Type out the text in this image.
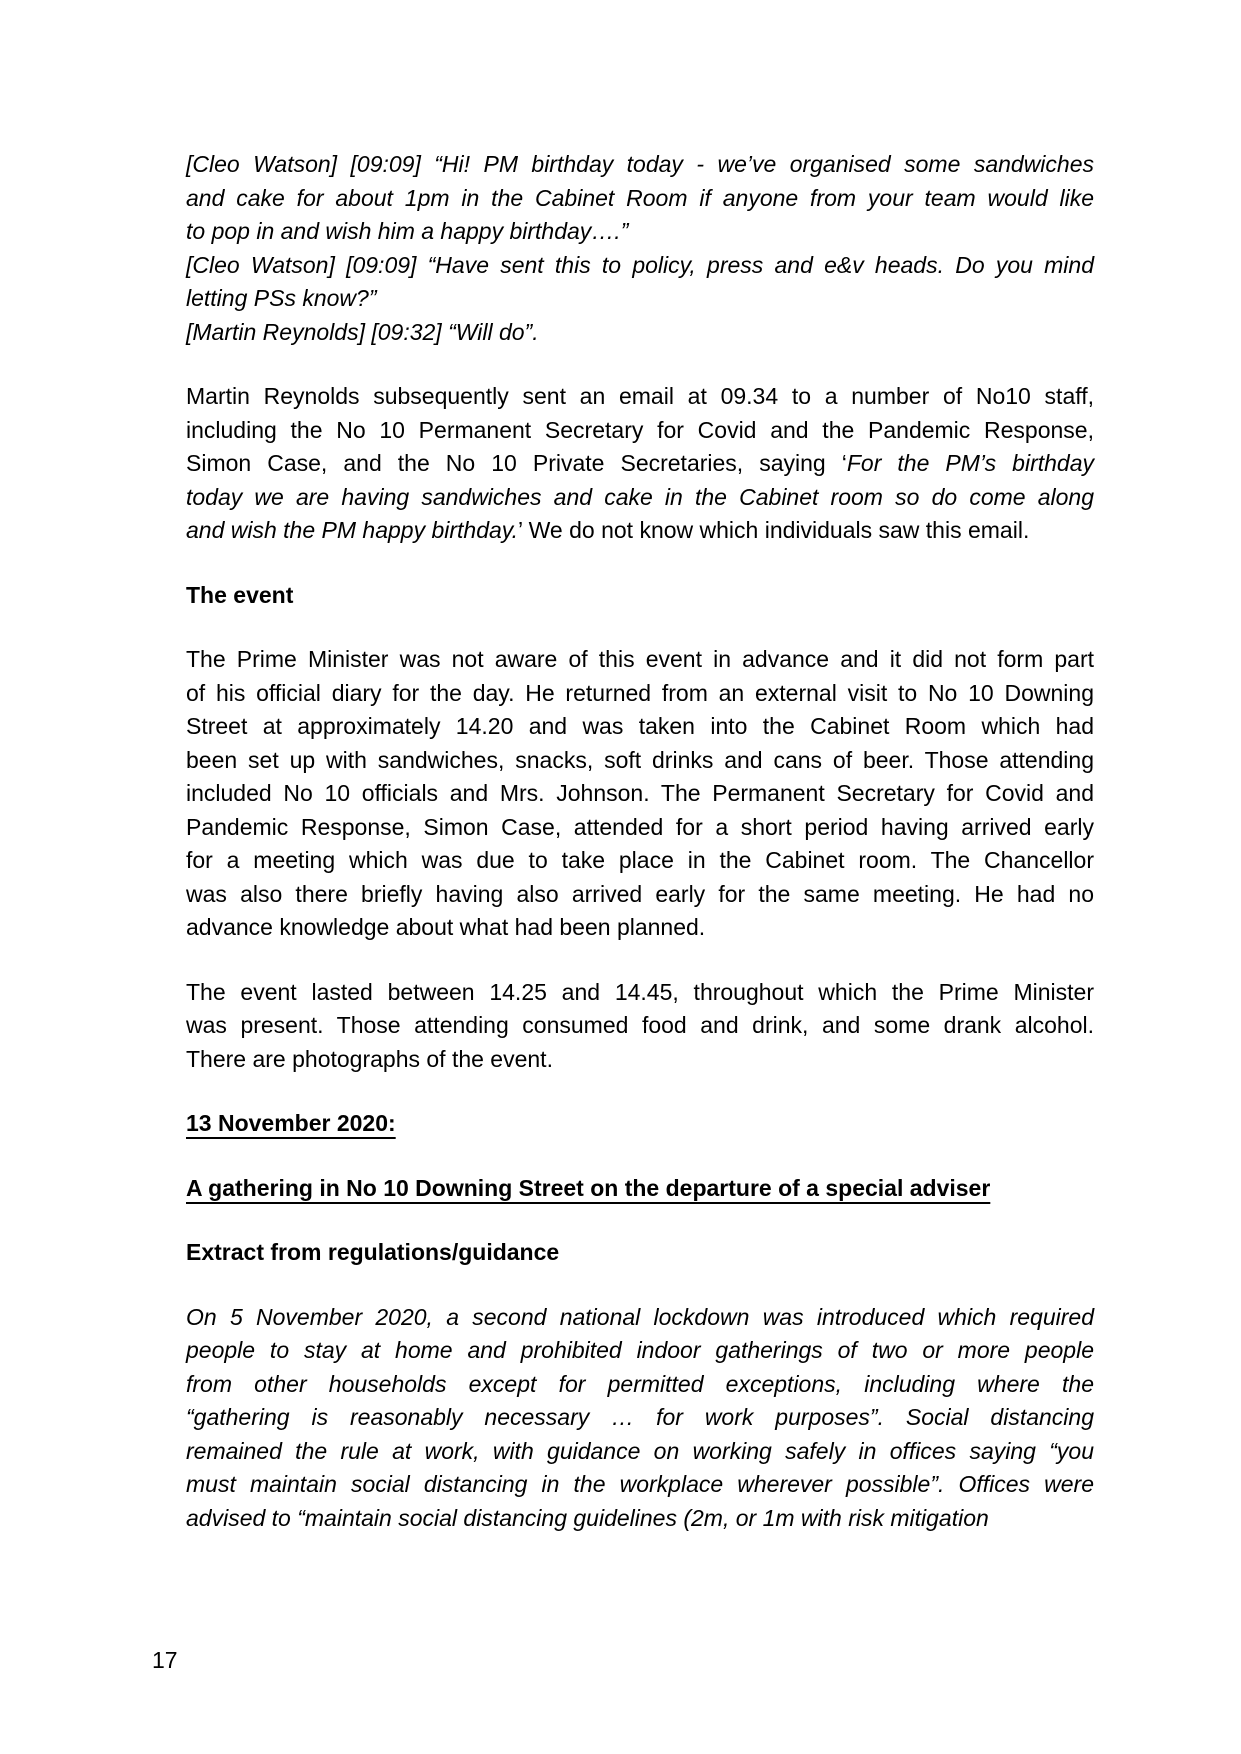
[Cleo Watson] [09:09] “Hi! PM birthday today - we’ve organised some sandwiches
and cake for about 1pm in the Cabinet Room if anyone from your team would like
to pop in and wish him a happy birthday….”
[Cleo Watson] [09:09] “Have sent this to policy, press and e&v heads. Do you mind
letting PSs know?”
[Martin Reynolds] [09:32] “Will do”.

Martin Reynolds subsequently sent an email at 09.34 to a number of No10 staff,
including the No 10 Permanent Secretary for Covid and the Pandemic Response,
Simon Case, and the No 10 Private Secretaries, saying ‘For the PM’s birthday
today we are having sandwiches and cake in the Cabinet room so do come along
and wish the PM happy birthday.’ We do not know which individuals saw this email.

The event

The Prime Minister was not aware of this event in advance and it did not form part
of his official diary for the day. He returned from an external visit to No 10 Downing
Street at approximately 14.20 and was taken into the Cabinet Room which had
been set up with sandwiches, snacks, soft drinks and cans of beer. Those attending
included No 10 officials and Mrs. Johnson. The Permanent Secretary for Covid and
Pandemic Response, Simon Case, attended for a short period having arrived early
for a meeting which was due to take place in the Cabinet room. The Chancellor
was also there briefly having also arrived early for the same meeting. He had no
advance knowledge about what had been planned.

The event lasted between 14.25 and 14.45, throughout which the Prime Minister
was present. Those attending consumed food and drink, and some drank alcohol.
There are photographs of the event.

13 November 2020:

A gathering in No 10 Downing Street on the departure of a special adviser

Extract from regulations/guidance

On 5 November 2020, a second national lockdown was introduced which required
people to stay at home and prohibited indoor gatherings of two or more people
from other households except for permitted exceptions, including where the
“gathering is reasonably necessary … for work purposes”. Social distancing
remained the rule at work, with guidance on working safely in offices saying “you
must maintain social distancing in the workplace wherever possible”. Offices were
advised to “maintain social distancing guidelines (2m, or 1m with risk mitigation

17
